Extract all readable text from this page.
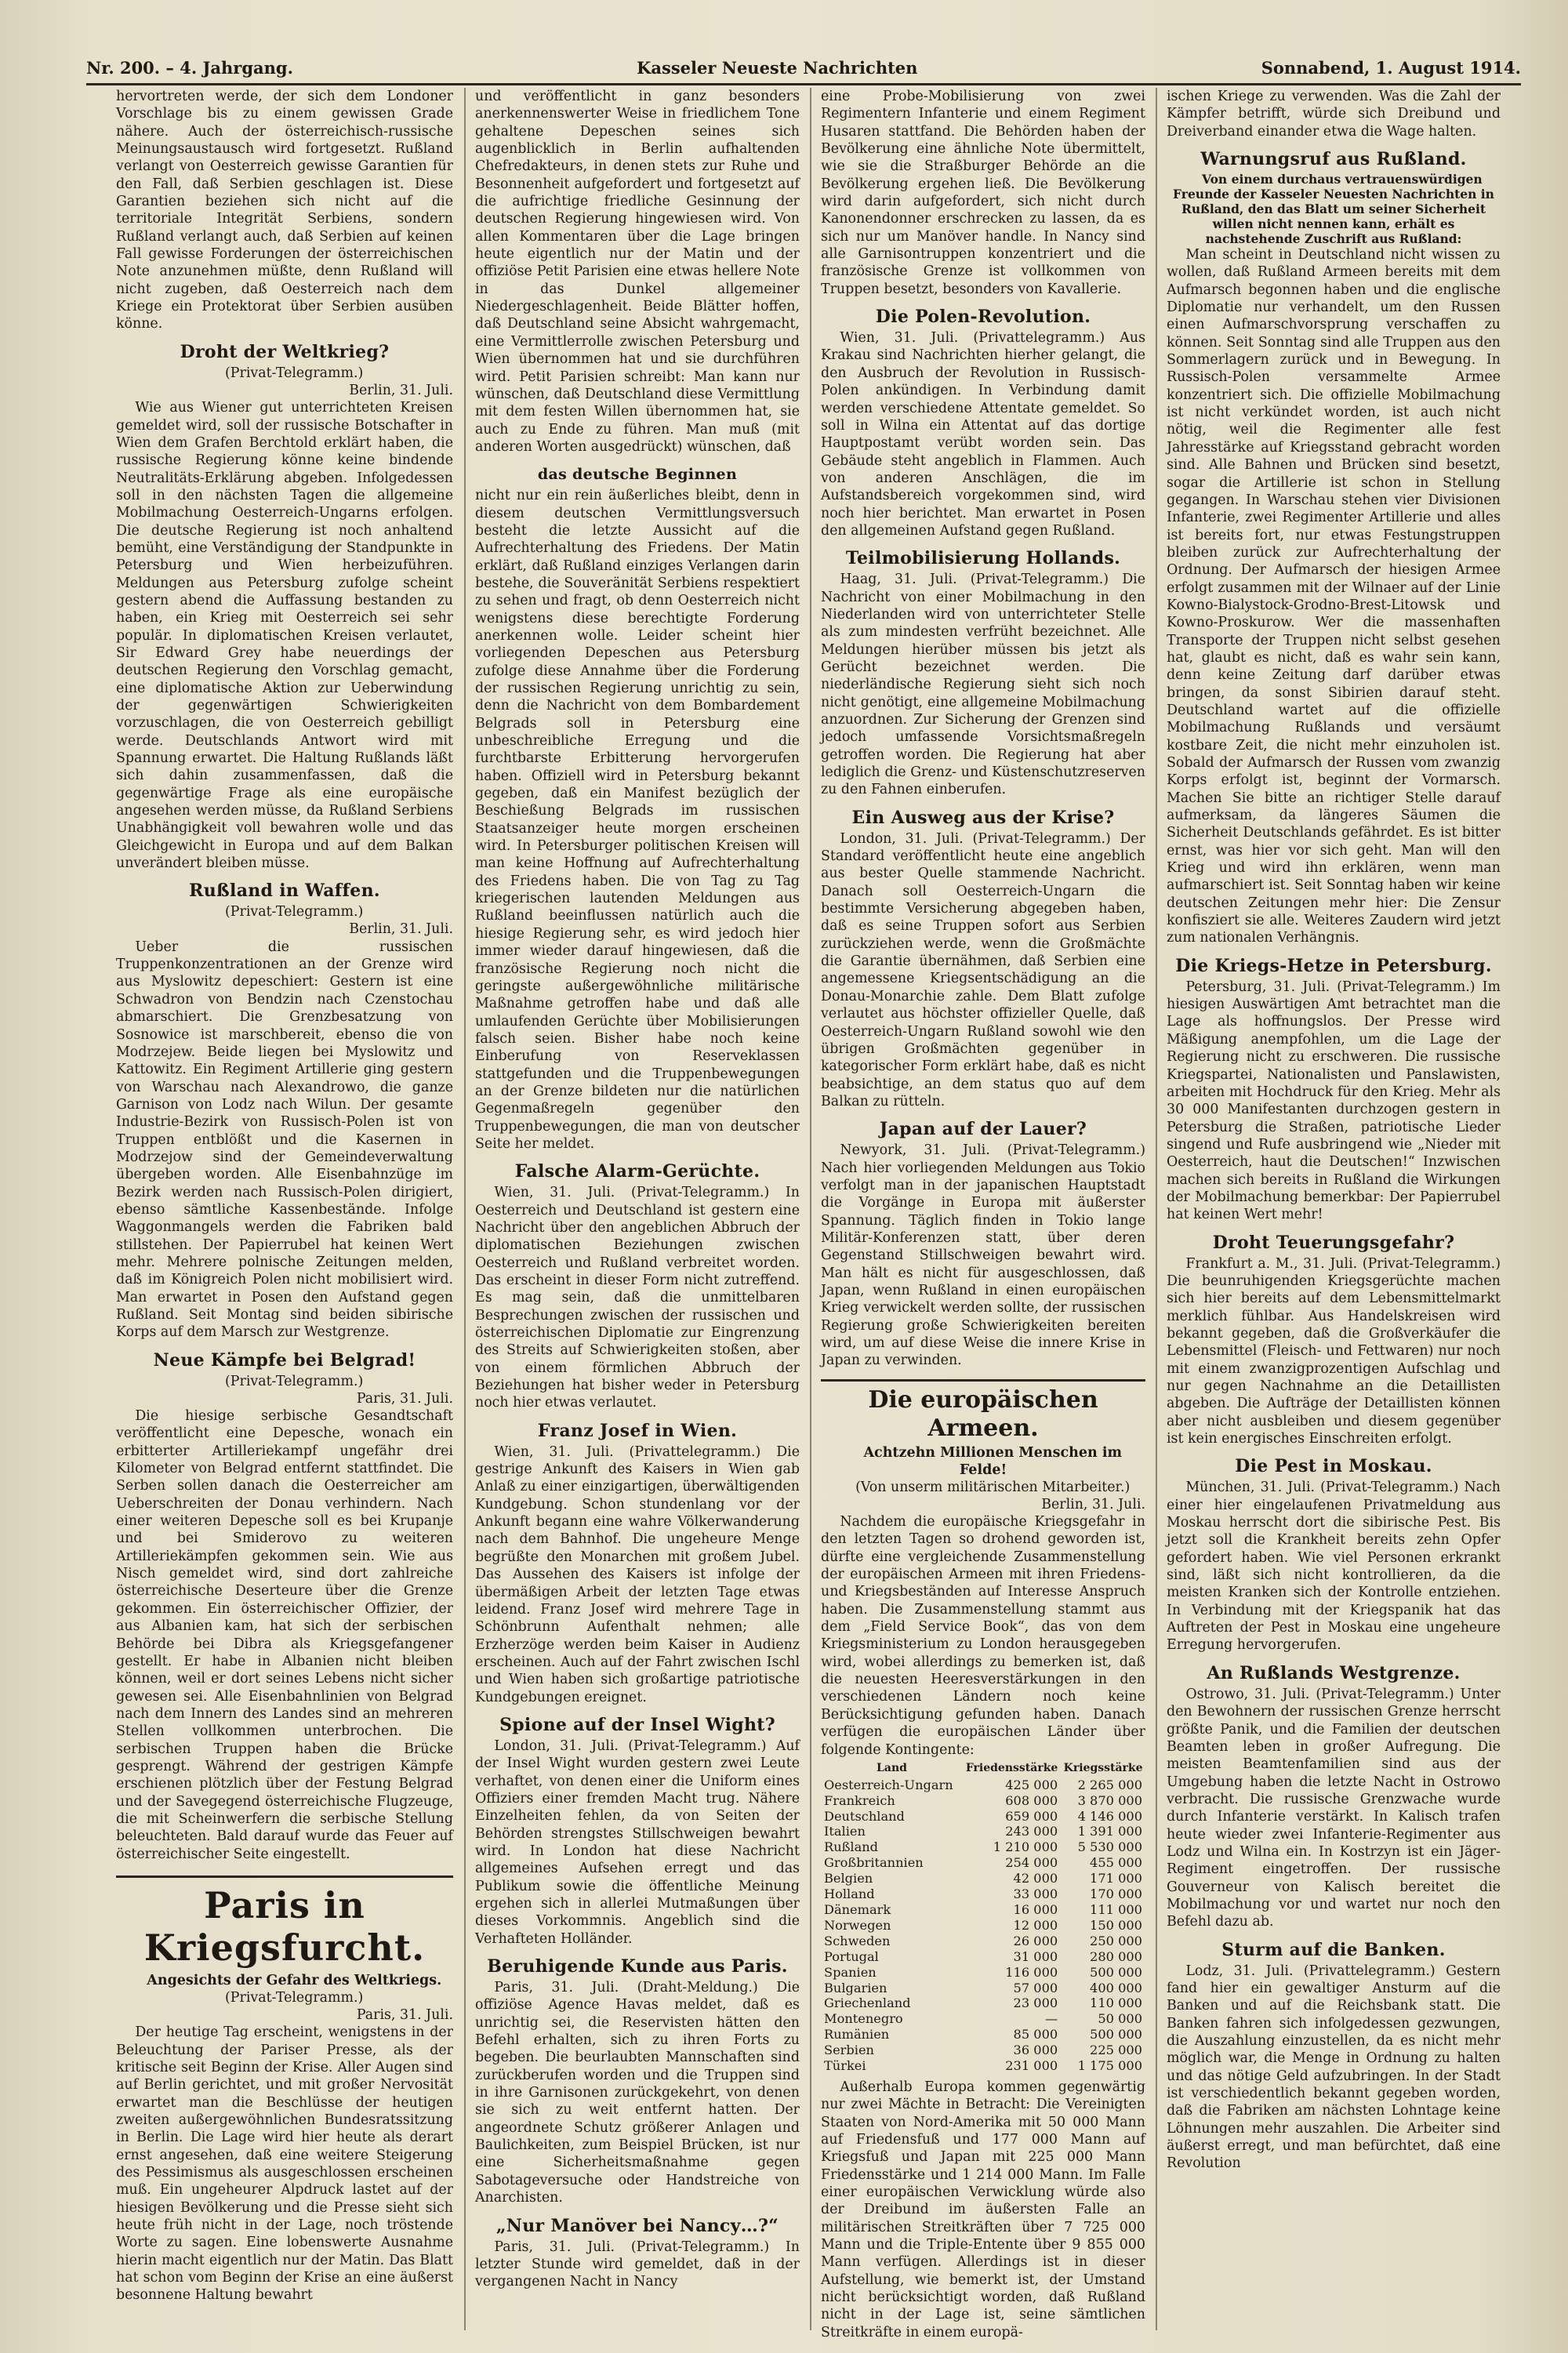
Nr. 200. – 4. Jahrgang.	Kasseler Neueste Nachrichten	Sonnabend, 1. August 1914.

hervortreten werde, der sich dem Londoner Vorschlage bis zu einem gewissen Grade nähere. Auch der österreichisch-russische Meinungsaustausch wird fortgesetzt. Rußland verlangt von Oesterreich gewisse Garantien für den Fall, daß Serbien geschlagen ist. Diese Garantien beziehen sich nicht auf die territoriale Integrität Serbiens, sondern Rußland verlangt auch, daß Serbien auf keinen Fall gewisse Forderungen der österreichischen Note anzunehmen müßte, denn Rußland will nicht zugeben, daß Oesterreich nach dem Kriege ein Protektorat über Serbien ausüben könne.

Droht der Weltkrieg?

(Privat-Telegramm.)

Berlin, 31. Juli.

Wie aus Wiener gut unterrichteten Kreisen gemeldet wird, soll der russische Botschafter in Wien dem Grafen Berchtold erklärt haben, die russische Regierung könne keine bindende Neutralitäts-Erklärung abgeben. Infolgedessen soll in den nächsten Tagen die allgemeine Mobilmachung Oesterreich-Ungarns erfolgen. Die deutsche Regierung ist noch anhaltend bemüht, eine Verständigung der Standpunkte in Petersburg und Wien herbeizuführen. Meldungen aus Petersburg zufolge scheint gestern abend die Auffassung bestanden zu haben, ein Krieg mit Oesterreich sei sehr populär. In diplomatischen Kreisen verlautet, Sir Edward Grey habe neuerdings der deutschen Regierung den Vorschlag gemacht, eine diplomatische Aktion zur Ueberwindung der gegenwärtigen Schwierigkeiten vorzuschlagen, die von Oesterreich gebilligt werde. Deutschlands Antwort wird mit Spannung erwartet. Die Haltung Rußlands läßt sich dahin zusammenfassen, daß die gegenwärtige Frage als eine europäische angesehen werden müsse, da Rußland Serbiens Unabhängigkeit voll bewahren wolle und das Gleichgewicht in Europa und auf dem Balkan unverändert bleiben müsse.

Rußland in Waffen.

(Privat-Telegramm.)

Berlin, 31. Juli.

Ueber die russischen Truppenkonzentrationen an der Grenze wird aus Myslowitz depeschiert: Gestern ist eine Schwadron von Bendzin nach Czenstochau abmarschiert. Die Grenzbesatzung von Sosnowice ist marschbereit, ebenso die von Modrzejew. Beide liegen bei Myslowitz und Kattowitz. Ein Regiment Artillerie ging gestern von Warschau nach Alexandrowo, die ganze Garnison von Lodz nach Wilun. Der gesamte Industrie-Bezirk von Russisch-Polen ist von Truppen entblößt und die Kasernen in Modrzejow sind der Gemeindeverwaltung übergeben worden. Alle Eisenbahnzüge im Bezirk werden nach Russisch-Polen dirigiert, ebenso sämtliche Kassenbestände. Infolge Waggonmangels werden die Fabriken bald stillstehen. Der Papierrubel hat keinen Wert mehr. Mehrere polnische Zeitungen melden, daß im Königreich Polen nicht mobilisiert wird. Man erwartet in Posen den Aufstand gegen Rußland. Seit Montag sind beiden sibirische Korps auf dem Marsch zur Westgrenze.

Neue Kämpfe bei Belgrad!

(Privat-Telegramm.)

Paris, 31. Juli.

Die hiesige serbische Gesandtschaft veröffentlicht eine Depesche, wonach ein erbitterter Artilleriekampf ungefähr drei Kilometer von Belgrad entfernt stattfindet. Die Serben sollen danach die Oesterreicher am Ueberschreiten der Donau verhindern. Nach einer weiteren Depesche soll es bei Krupanje und bei Smiderovo zu weiteren Artilleriekämpfen gekommen sein. Wie aus Nisch gemeldet wird, sind dort zahlreiche österreichische Deserteure über die Grenze gekommen. Ein österreichischer Offizier, der aus Albanien kam, hat sich der serbischen Behörde bei Dibra als Kriegsgefangener gestellt. Er habe in Albanien nicht bleiben können, weil er dort seines Lebens nicht sicher gewesen sei. Alle Eisenbahnlinien von Belgrad nach dem Innern des Landes sind an mehreren Stellen vollkommen unterbrochen. Die serbischen Truppen haben die Brücke gesprengt. Während der gestrigen Kämpfe erschienen plötzlich über der Festung Belgrad und der Savegegend österreichische Flugzeuge, die mit Scheinwerfern die serbische Stellung beleuchteten. Bald darauf wurde das Feuer auf österreichischer Seite eingestellt.

Paris in Kriegsfurcht.

Angesichts der Gefahr des Weltkriegs.

(Privat-Telegramm.)

Paris, 31. Juli.

Der heutige Tag erscheint, wenigstens in der Beleuchtung der Pariser Presse, als der kritische seit Beginn der Krise. Aller Augen sind auf Berlin gerichtet, und mit großer Nervosität erwartet man die Beschlüsse der heutigen zweiten außergewöhnlichen Bundesratssitzung in Berlin. Die Lage wird hier heute als derart ernst angesehen, daß eine weitere Steigerung des Pessimismus als ausgeschlossen erscheinen muß. Ein ungeheurer Alpdruck lastet auf der hiesigen Bevölkerung und die Presse sieht sich heute früh nicht in der Lage, noch tröstende Worte zu sagen. Eine lobenswerte Ausnahme hierin macht eigentlich nur der Matin. Das Blatt hat schon vom Beginn der Krise an eine äußerst besonnene Haltung bewahrt

und veröffentlicht in ganz besonders anerkennenswerter Weise in friedlichem Tone gehaltene Depeschen seines sich augenblicklich in Berlin aufhaltenden Chefredakteurs, in denen stets zur Ruhe und Besonnenheit aufgefordert und fortgesetzt auf die aufrichtige friedliche Gesinnung der deutschen Regierung hingewiesen wird. Von allen Kommentaren über die Lage bringen heute eigentlich nur der Matin und der offiziöse Petit Parisien eine etwas hellere Note in das Dunkel allgemeiner Niedergeschlagenheit. Beide Blätter hoffen, daß Deutschland seine Absicht wahrgemacht, eine Vermittlerrolle zwischen Petersburg und Wien übernommen hat und sie durchführen wird. Petit Parisien schreibt: Man kann nur wünschen, daß Deutschland diese Vermittlung mit dem festen Willen übernommen hat, sie auch zu Ende zu führen. Man muß (mit anderen Worten ausgedrückt) wünschen, daß

das deutsche Beginnen

nicht nur ein rein äußerliches bleibt, denn in diesem deutschen Vermittlungsversuch besteht die letzte Aussicht auf die Aufrechterhaltung des Friedens. Der Matin erklärt, daß Rußland einziges Verlangen darin bestehe, die Souveränität Serbiens respektiert zu sehen und fragt, ob denn Oesterreich nicht wenigstens diese berechtigte Forderung anerkennen wolle. Leider scheint hier vorliegenden Depeschen aus Petersburg zufolge diese Annahme über die Forderung der russischen Regierung unrichtig zu sein, denn die Nachricht von dem Bombardement Belgrads soll in Petersburg eine unbeschreibliche Erregung und die furchtbarste Erbitterung hervorgerufen haben. Offiziell wird in Petersburg bekannt gegeben, daß ein Manifest bezüglich der Beschießung Belgrads im russischen Staatsanzeiger heute morgen erscheinen wird. In Petersburger politischen Kreisen will man keine Hoffnung auf Aufrechterhaltung des Friedens haben. Die von Tag zu Tag kriegerischen lautenden Meldungen aus Rußland beeinflussen natürlich auch die hiesige Regierung sehr, es wird jedoch hier immer wieder darauf hingewiesen, daß die französische Regierung noch nicht die geringste außergewöhnliche militärische Maßnahme getroffen habe und daß alle umlaufenden Gerüchte über Mobilisierungen falsch seien. Bisher habe noch keine Einberufung von Reserveklassen stattgefunden und die Truppenbewegungen an der Grenze bildeten nur die natürlichen Gegenmaßregeln gegenüber den Truppenbewegungen, die man von deutscher Seite her meldet.

Falsche Alarm-Gerüchte.

Wien, 31. Juli. (Privat-Telegramm.) In Oesterreich und Deutschland ist gestern eine Nachricht über den angeblichen Abbruch der diplomatischen Beziehungen zwischen Oesterreich und Rußland verbreitet worden. Das erscheint in dieser Form nicht zutreffend. Es mag sein, daß die unmittelbaren Besprechungen zwischen der russischen und österreichischen Diplomatie zur Eingrenzung des Streits auf Schwierigkeiten stoßen, aber von einem förmlichen Abbruch der Beziehungen hat bisher weder in Petersburg noch hier etwas verlautet.

Franz Josef in Wien.

Wien, 31. Juli. (Privattelegramm.) Die gestrige Ankunft des Kaisers in Wien gab Anlaß zu einer einzigartigen, überwältigenden Kundgebung. Schon stundenlang vor der Ankunft begann eine wahre Völkerwanderung nach dem Bahnhof. Die ungeheure Menge begrüßte den Monarchen mit großem Jubel. Das Aussehen des Kaisers ist infolge der übermäßigen Arbeit der letzten Tage etwas leidend. Franz Josef wird mehrere Tage in Schönbrunn Aufenthalt nehmen; alle Erzherzöge werden beim Kaiser in Audienz erscheinen. Auch auf der Fahrt zwischen Ischl und Wien haben sich großartige patriotische Kundgebungen ereignet.

Spione auf der Insel Wight?

London, 31. Juli. (Privat-Telegramm.) Auf der Insel Wight wurden gestern zwei Leute verhaftet, von denen einer die Uniform eines Offiziers einer fremden Macht trug. Nähere Einzelheiten fehlen, da von Seiten der Behörden strengstes Stillschweigen bewahrt wird. In London hat diese Nachricht allgemeines Aufsehen erregt und das Publikum sowie die öffentliche Meinung ergehen sich in allerlei Mutmaßungen über dieses Vorkommnis. Angeblich sind die Verhafteten Holländer.

Beruhigende Kunde aus Paris.

Paris, 31. Juli. (Draht-Meldung.) Die offiziöse Agence Havas meldet, daß es unrichtig sei, die Reservisten hätten den Befehl erhalten, sich zu ihren Forts zu begeben. Die beurlaubten Mannschaften sind zurückberufen worden und die Truppen sind in ihre Garnisonen zurückgekehrt, von denen sie sich zu weit entfernt hatten. Der angeordnete Schutz größerer Anlagen und Baulichkeiten, zum Beispiel Brücken, ist nur eine Sicherheitsmaßnahme gegen Sabotageversuche oder Handstreiche von Anarchisten.

„Nur Manöver bei Nancy…?“

Paris, 31. Juli. (Privat-Telegramm.) In letzter Stunde wird gemeldet, daß in der vergangenen Nacht in Nancy

eine Probe-Mobilisierung von zwei Regimentern Infanterie und einem Regiment Husaren stattfand. Die Behörden haben der Bevölkerung eine ähnliche Note übermittelt, wie sie die Straßburger Behörde an die Bevölkerung ergehen ließ. Die Bevölkerung wird darin aufgefordert, sich nicht durch Kanonendonner erschrecken zu lassen, da es sich nur um Manöver handle. In Nancy sind alle Garnisontruppen konzentriert und die französische Grenze ist vollkommen von Truppen besetzt, besonders von Kavallerie.

Die Polen-Revolution.

Wien, 31. Juli. (Privattelegramm.) Aus Krakau sind Nachrichten hierher gelangt, die den Ausbruch der Revolution in Russisch-Polen ankündigen. In Verbindung damit werden verschiedene Attentate gemeldet. So soll in Wilna ein Attentat auf das dortige Hauptpostamt verübt worden sein. Das Gebäude steht angeblich in Flammen. Auch von anderen Anschlägen, die im Aufstandsbereich vorgekommen sind, wird noch hier berichtet. Man erwartet in Posen den allgemeinen Aufstand gegen Rußland.

Teilmobilisierung Hollands.

Haag, 31. Juli. (Privat-Telegramm.) Die Nachricht von einer Mobilmachung in den Niederlanden wird von unterrichteter Stelle als zum mindesten verfrüht bezeichnet. Alle Meldungen hierüber müssen bis jetzt als Gerücht bezeichnet werden. Die niederländische Regierung sieht sich noch nicht genötigt, eine allgemeine Mobilmachung anzuordnen. Zur Sicherung der Grenzen sind jedoch umfassende Vorsichtsmaßregeln getroffen worden. Die Regierung hat aber lediglich die Grenz- und Küstenschutzreserven zu den Fahnen einberufen.

Ein Ausweg aus der Krise?

London, 31. Juli. (Privat-Telegramm.) Der Standard veröffentlicht heute eine angeblich aus bester Quelle stammende Nachricht. Danach soll Oesterreich-Ungarn die bestimmte Versicherung abgegeben haben, daß es seine Truppen sofort aus Serbien zurückziehen werde, wenn die Großmächte die Garantie übernähmen, daß Serbien eine angemessene Kriegsentschädigung an die Donau-Monarchie zahle. Dem Blatt zufolge verlautet aus höchster offizieller Quelle, daß Oesterreich-Ungarn Rußland sowohl wie den übrigen Großmächten gegenüber in kategorischer Form erklärt habe, daß es nicht beabsichtige, an dem status quo auf dem Balkan zu rütteln.

Japan auf der Lauer?

Newyork, 31. Juli. (Privat-Telegramm.) Nach hier vorliegenden Meldungen aus Tokio verfolgt man in der japanischen Hauptstadt die Vorgänge in Europa mit äußerster Spannung. Täglich finden in Tokio lange Militär-Konferenzen statt, über deren Gegenstand Stillschweigen bewahrt wird. Man hält es nicht für ausgeschlossen, daß Japan, wenn Rußland in einen europäischen Krieg verwickelt werden sollte, der russischen Regierung große Schwierigkeiten bereiten wird, um auf diese Weise die innere Krise in Japan zu verwinden.

Die europäischen Armeen.

Achtzehn Millionen Menschen im Felde!

(Von unserm militärischen Mitarbeiter.)

Berlin, 31. Juli.

Nachdem die europäische Kriegsgefahr in den letzten Tagen so drohend geworden ist, dürfte eine vergleichende Zusammenstellung der europäischen Armeen mit ihren Friedens- und Kriegsbeständen auf Interesse Anspruch haben. Die Zusammenstellung stammt aus dem „Field Service Book“, das von dem Kriegsministerium zu London herausgegeben wird, wobei allerdings zu bemerken ist, daß die neuesten Heeresverstärkungen in den verschiedenen Ländern noch keine Berücksichtigung gefunden haben. Danach verfügen die europäischen Länder über folgende Kontingente:

Land	Friedensstärke	Kriegsstärke
Oesterreich-Ungarn	425 000	2 265 000
Frankreich	608 000	3 870 000
Deutschland	659 000	4 146 000
Italien	243 000	1 391 000
Rußland	1 210 000	5 530 000
Großbritannien	254 000	455 000
Belgien	42 000	171 000
Holland	33 000	170 000
Dänemark	16 000	111 000
Norwegen	12 000	150 000
Schweden	26 000	250 000
Portugal	31 000	280 000
Spanien	116 000	500 000
Bulgarien	57 000	400 000
Griechenland	23 000	110 000
Montenegro	—	50 000
Rumänien	85 000	500 000
Serbien	36 000	225 000
Türkei	231 000	1 175 000

Außerhalb Europa kommen gegenwärtig nur zwei Mächte in Betracht: Die Vereinigten Staaten von Nord-Amerika mit 50 000 Mann auf Friedensfuß und 177 000 Mann auf Kriegsfuß und Japan mit 225 000 Mann Friedensstärke und 1 214 000 Mann. Im Falle einer europäischen Verwicklung würde also der Dreibund im äußersten Falle an militärischen Streitkräften über 7 725 000 Mann und die Triple-Entente über 9 855 000 Mann verfügen. Allerdings ist in dieser Aufstellung, wie bemerkt ist, der Umstand nicht berücksichtigt worden, daß Rußland nicht in der Lage ist, seine sämtlichen Streitkräfte in einem europä-

ischen Kriege zu verwenden. Was die Zahl der Kämpfer betrifft, würde sich Dreibund und Dreiverband einander etwa die Wage halten.

Warnungsruf aus Rußland.

Von einem durchaus vertrauenswürdigen Freunde der Kasseler Neuesten Nachrichten in Rußland, den das Blatt um seiner Sicherheit willen nicht nennen kann, erhält es nachstehende Zuschrift aus Rußland:

Man scheint in Deutschland nicht wissen zu wollen, daß Rußland Armeen bereits mit dem Aufmarsch begonnen haben und die englische Diplomatie nur verhandelt, um den Russen einen Aufmarschvorsprung verschaffen zu können. Seit Sonntag sind alle Truppen aus den Sommerlagern zurück und in Bewegung. In Russisch-Polen versammelte Armee konzentriert sich. Die offizielle Mobilmachung ist nicht verkündet worden, ist auch nicht nötig, weil die Regimenter alle fest Jahresstärke auf Kriegsstand gebracht worden sind. Alle Bahnen und Brücken sind besetzt, sogar die Artillerie ist schon in Stellung gegangen. In Warschau stehen vier Divisionen Infanterie, zwei Regimenter Artillerie und alles ist bereits fort, nur etwas Festungstruppen bleiben zurück zur Aufrechterhaltung der Ordnung. Der Aufmarsch der hiesigen Armee erfolgt zusammen mit der Wilnaer auf der Linie Kowno-Bialystock-Grodno-Brest-Litowsk und Kowno-Proskurow. Wer die massenhaften Transporte der Truppen nicht selbst gesehen hat, glaubt es nicht, daß es wahr sein kann, denn keine Zeitung darf darüber etwas bringen, da sonst Sibirien darauf steht. Deutschland wartet auf die offizielle Mobilmachung Rußlands und versäumt kostbare Zeit, die nicht mehr einzuholen ist. Sobald der Aufmarsch der Russen vom zwanzig Korps erfolgt ist, beginnt der Vormarsch. Machen Sie bitte an richtiger Stelle darauf aufmerksam, da längeres Säumen die Sicherheit Deutschlands gefährdet. Es ist bitter ernst, was hier vor sich geht. Man will den Krieg und wird ihn erklären, wenn man aufmarschiert ist. Seit Sonntag haben wir keine deutschen Zeitungen mehr hier: Die Zensur konfisziert sie alle. Weiteres Zaudern wird jetzt zum nationalen Verhängnis.

Die Kriegs-Hetze in Petersburg.

Petersburg, 31. Juli. (Privat-Telegramm.) Im hiesigen Auswärtigen Amt betrachtet man die Lage als hoffnungslos. Der Presse wird Mäßigung anempfohlen, um die Lage der Regierung nicht zu erschweren. Die russische Kriegspartei, Nationalisten und Panslawisten, arbeiten mit Hochdruck für den Krieg. Mehr als 30 000 Manifestanten durchzogen gestern in Petersburg die Straßen, patriotische Lieder singend und Rufe ausbringend wie „Nieder mit Oesterreich, haut die Deutschen!“ Inzwischen machen sich bereits in Rußland die Wirkungen der Mobilmachung bemerkbar: Der Papierrubel hat keinen Wert mehr!

Droht Teuerungsgefahr?

Frankfurt a. M., 31. Juli. (Privat-Telegramm.) Die beunruhigenden Kriegsgerüchte machen sich hier bereits auf dem Lebensmittelmarkt merklich fühlbar. Aus Handelskreisen wird bekannt gegeben, daß die Großverkäufer die Lebensmittel (Fleisch- und Fettwaren) nur noch mit einem zwanzigprozentigen Aufschlag und nur gegen Nachnahme an die Detaillisten abgeben. Die Aufträge der Detaillisten können aber nicht ausbleiben und diesem gegenüber ist kein energisches Einschreiten erfolgt.

Die Pest in Moskau.

München, 31. Juli. (Privat-Telegramm.) Nach einer hier eingelaufenen Privatmeldung aus Moskau herrscht dort die sibirische Pest. Bis jetzt soll die Krankheit bereits zehn Opfer gefordert haben. Wie viel Personen erkrankt sind, läßt sich nicht kontrollieren, da die meisten Kranken sich der Kontrolle entziehen. In Verbindung mit der Kriegspanik hat das Auftreten der Pest in Moskau eine ungeheure Erregung hervorgerufen.

An Rußlands Westgrenze.

Ostrowo, 31. Juli. (Privat-Telegramm.) Unter den Bewohnern der russischen Grenze herrscht größte Panik, und die Familien der deutschen Beamten leben in großer Aufregung. Die meisten Beamtenfamilien sind aus der Umgebung haben die letzte Nacht in Ostrowo verbracht. Die russische Grenzwache wurde durch Infanterie verstärkt. In Kalisch trafen heute wieder zwei Infanterie-Regimenter aus Lodz und Wilna ein. In Kostrzyn ist ein Jäger-Regiment eingetroffen. Der russische Gouverneur von Kalisch bereitet die Mobilmachung vor und wartet nur noch den Befehl dazu ab.

Sturm auf die Banken.

Lodz, 31. Juli. (Privattelegramm.) Gestern fand hier ein gewaltiger Ansturm auf die Banken und auf die Reichsbank statt. Die Banken fahren sich infolgedessen gezwungen, die Auszahlung einzustellen, da es nicht mehr möglich war, die Menge in Ordnung zu halten und das nötige Geld aufzubringen. In der Stadt ist verschiedentlich bekannt gegeben worden, daß die Fabriken am nächsten Lohntage keine Löhnungen mehr auszahlen. Die Arbeiter sind äußerst erregt, und man befürchtet, daß eine Revolution
